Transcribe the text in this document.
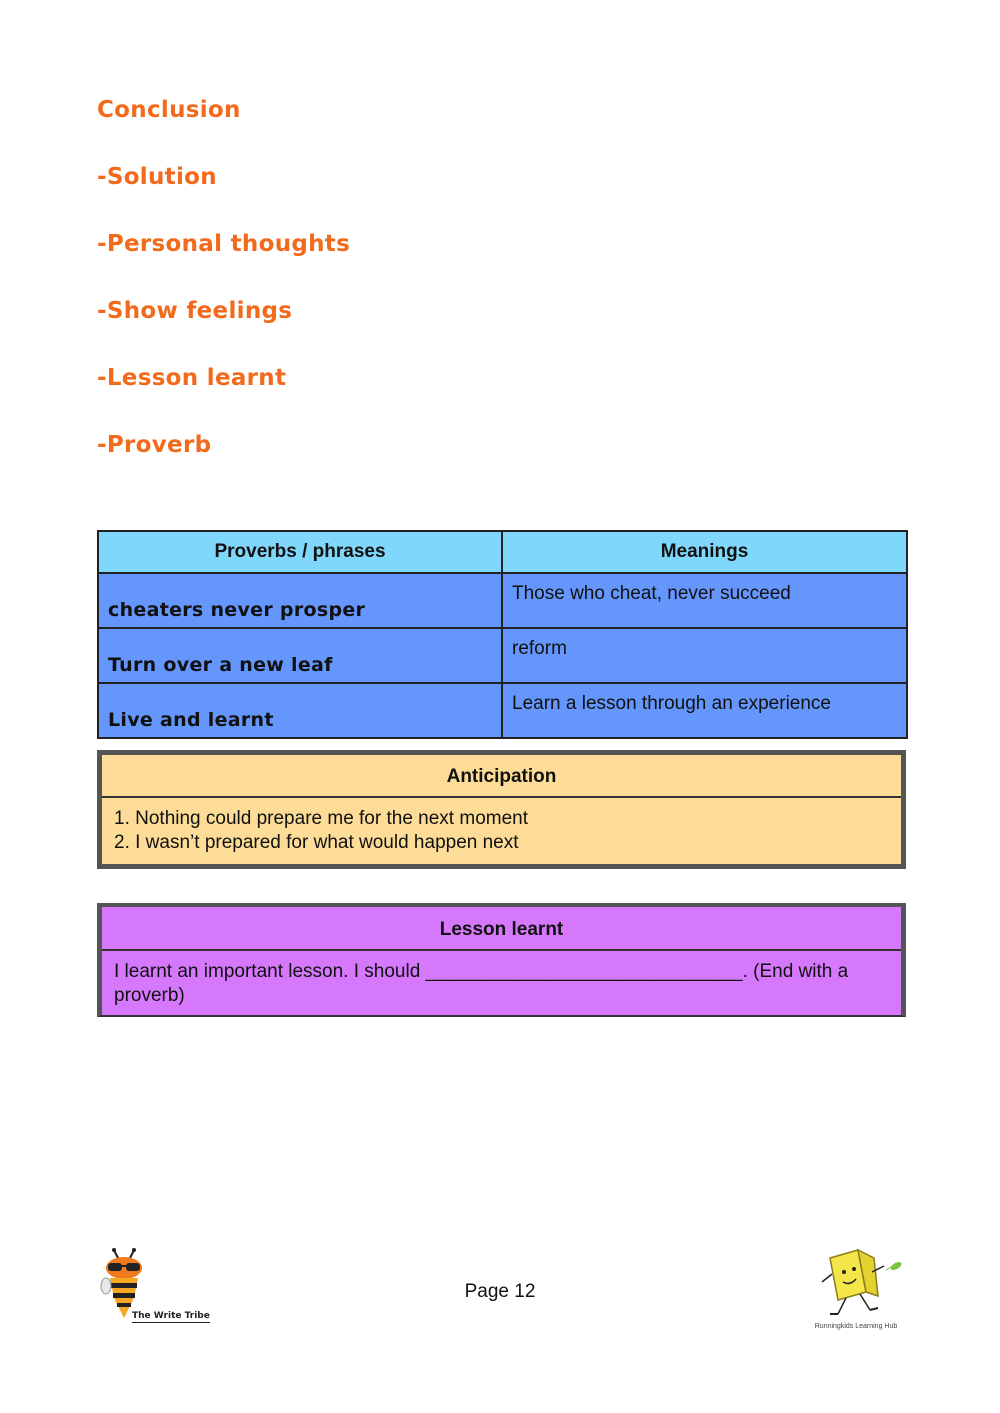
Conclusion
-Solution
-Personal thoughts
-Show feelings
-Lesson learnt
-Proverb
Proverbs / phrases	Meanings
cheaters never prosper	Those who cheat, never succeed
Turn over a new leaf	reform
Live and learnt	Learn a lesson through an experience
Anticipation
1. Nothing could prepare me for the next moment
2. I wasn’t prepared for what would happen next
Lesson learnt
I learnt an important lesson. I should ______________________________. (End with a proverb)
The Write Tribe
Page 12
Runningkids Learning Hub
